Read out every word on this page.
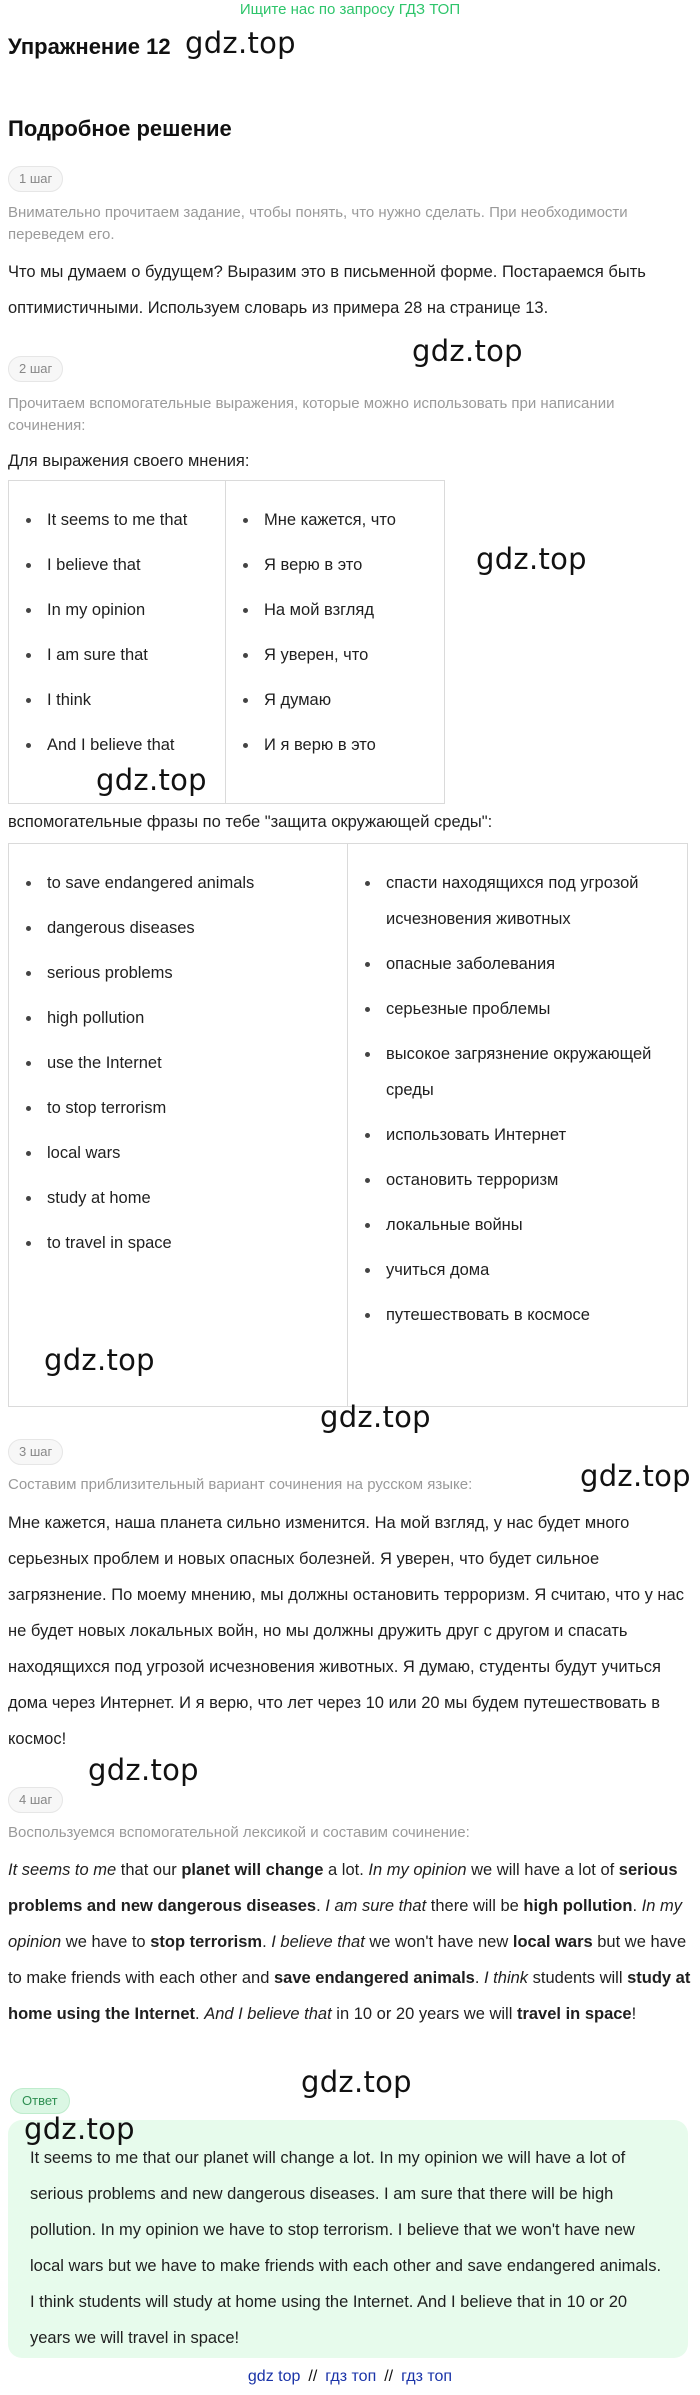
Ищите нас по запросу ГДЗ ТОП
Упражнение 12 gdz.top
Подробное решение
1 шаг
Внимательно прочитаем задание, чтобы понять, что нужно сделать. При необходимости переведем его.
Что мы думаем о будущем? Выразим это в письменной форме. Постараемся быть оптимистичными. Используем словарь из примера 28 на странице 13.
2 шаг
gdz.top
Прочитаем вспомогательные выражения, которые можно использовать при написании сочинения:
Для выражения своего мнения:
It seems to me that
I believe that
In my opinion
I am sure that
I think
And I believe that
Мне кажется, что
Я верю в это
На мой взгляд
Я уверен, что
Я думаю
И я верю в это
gdz.top
gdz.top
вспомогательные фразы по тебе "защита окружающей среды":
to save endangered animals
dangerous diseases
serious problems
high pollution
use the Internet
to stop terrorism
local wars
study at home
to travel in space
спасти находящихся под угрозой исчезновения животных
опасные заболевания
серьезные проблемы
высокое загрязнение окружающей среды
использовать Интернет
остановить терроризм
локальные войны
учиться дома
путешествовать в космосе
gdz.top
gdz.top
3 шаг
Составим приблизительный вариант сочинения на русском языке:	gdz.top
Мне кажется, наша планета сильно изменится. На мой взгляд, у нас будет много серьезных проблем и новых опасных болезней. Я уверен, что будет сильное загрязнение. По моему мнению, мы должны остановить терроризм. Я считаю, что у нас не будет новых локальных войн, но мы должны дружить друг с другом и спасать находящихся под угрозой исчезновения животных. Я думаю, студенты будут учиться дома через Интернет. И я верю, что лет через 10 или 20 мы будем путешествовать в космос!
gdz.top
4 шаг
Воспользуемся вспомогательной лексикой и составим сочинение:
It seems to me that our planet will change a lot. In my opinion we will have a lot of serious problems and new dangerous diseases. I am sure that there will be high pollution. In my opinion we have to stop terrorism. I believe that we won't have new local wars but we have to make friends with each other and save endangered animals. I think students will study at home using the Internet. And I believe that in 10 or 20 years we will travel in space!
gdz.top
Ответ
gdz.top
It seems to me that our planet will change a lot. In my opinion we will have a lot of serious problems and new dangerous diseases. I am sure that there will be high pollution. In my opinion we have to stop terrorism. I believe that we won't have new local wars but we have to make friends with each other and save endangered animals. I think students will study at home using the Internet. And I believe that in 10 or 20 years we will travel in space!
gdz top // гдз топ // гдз топ
